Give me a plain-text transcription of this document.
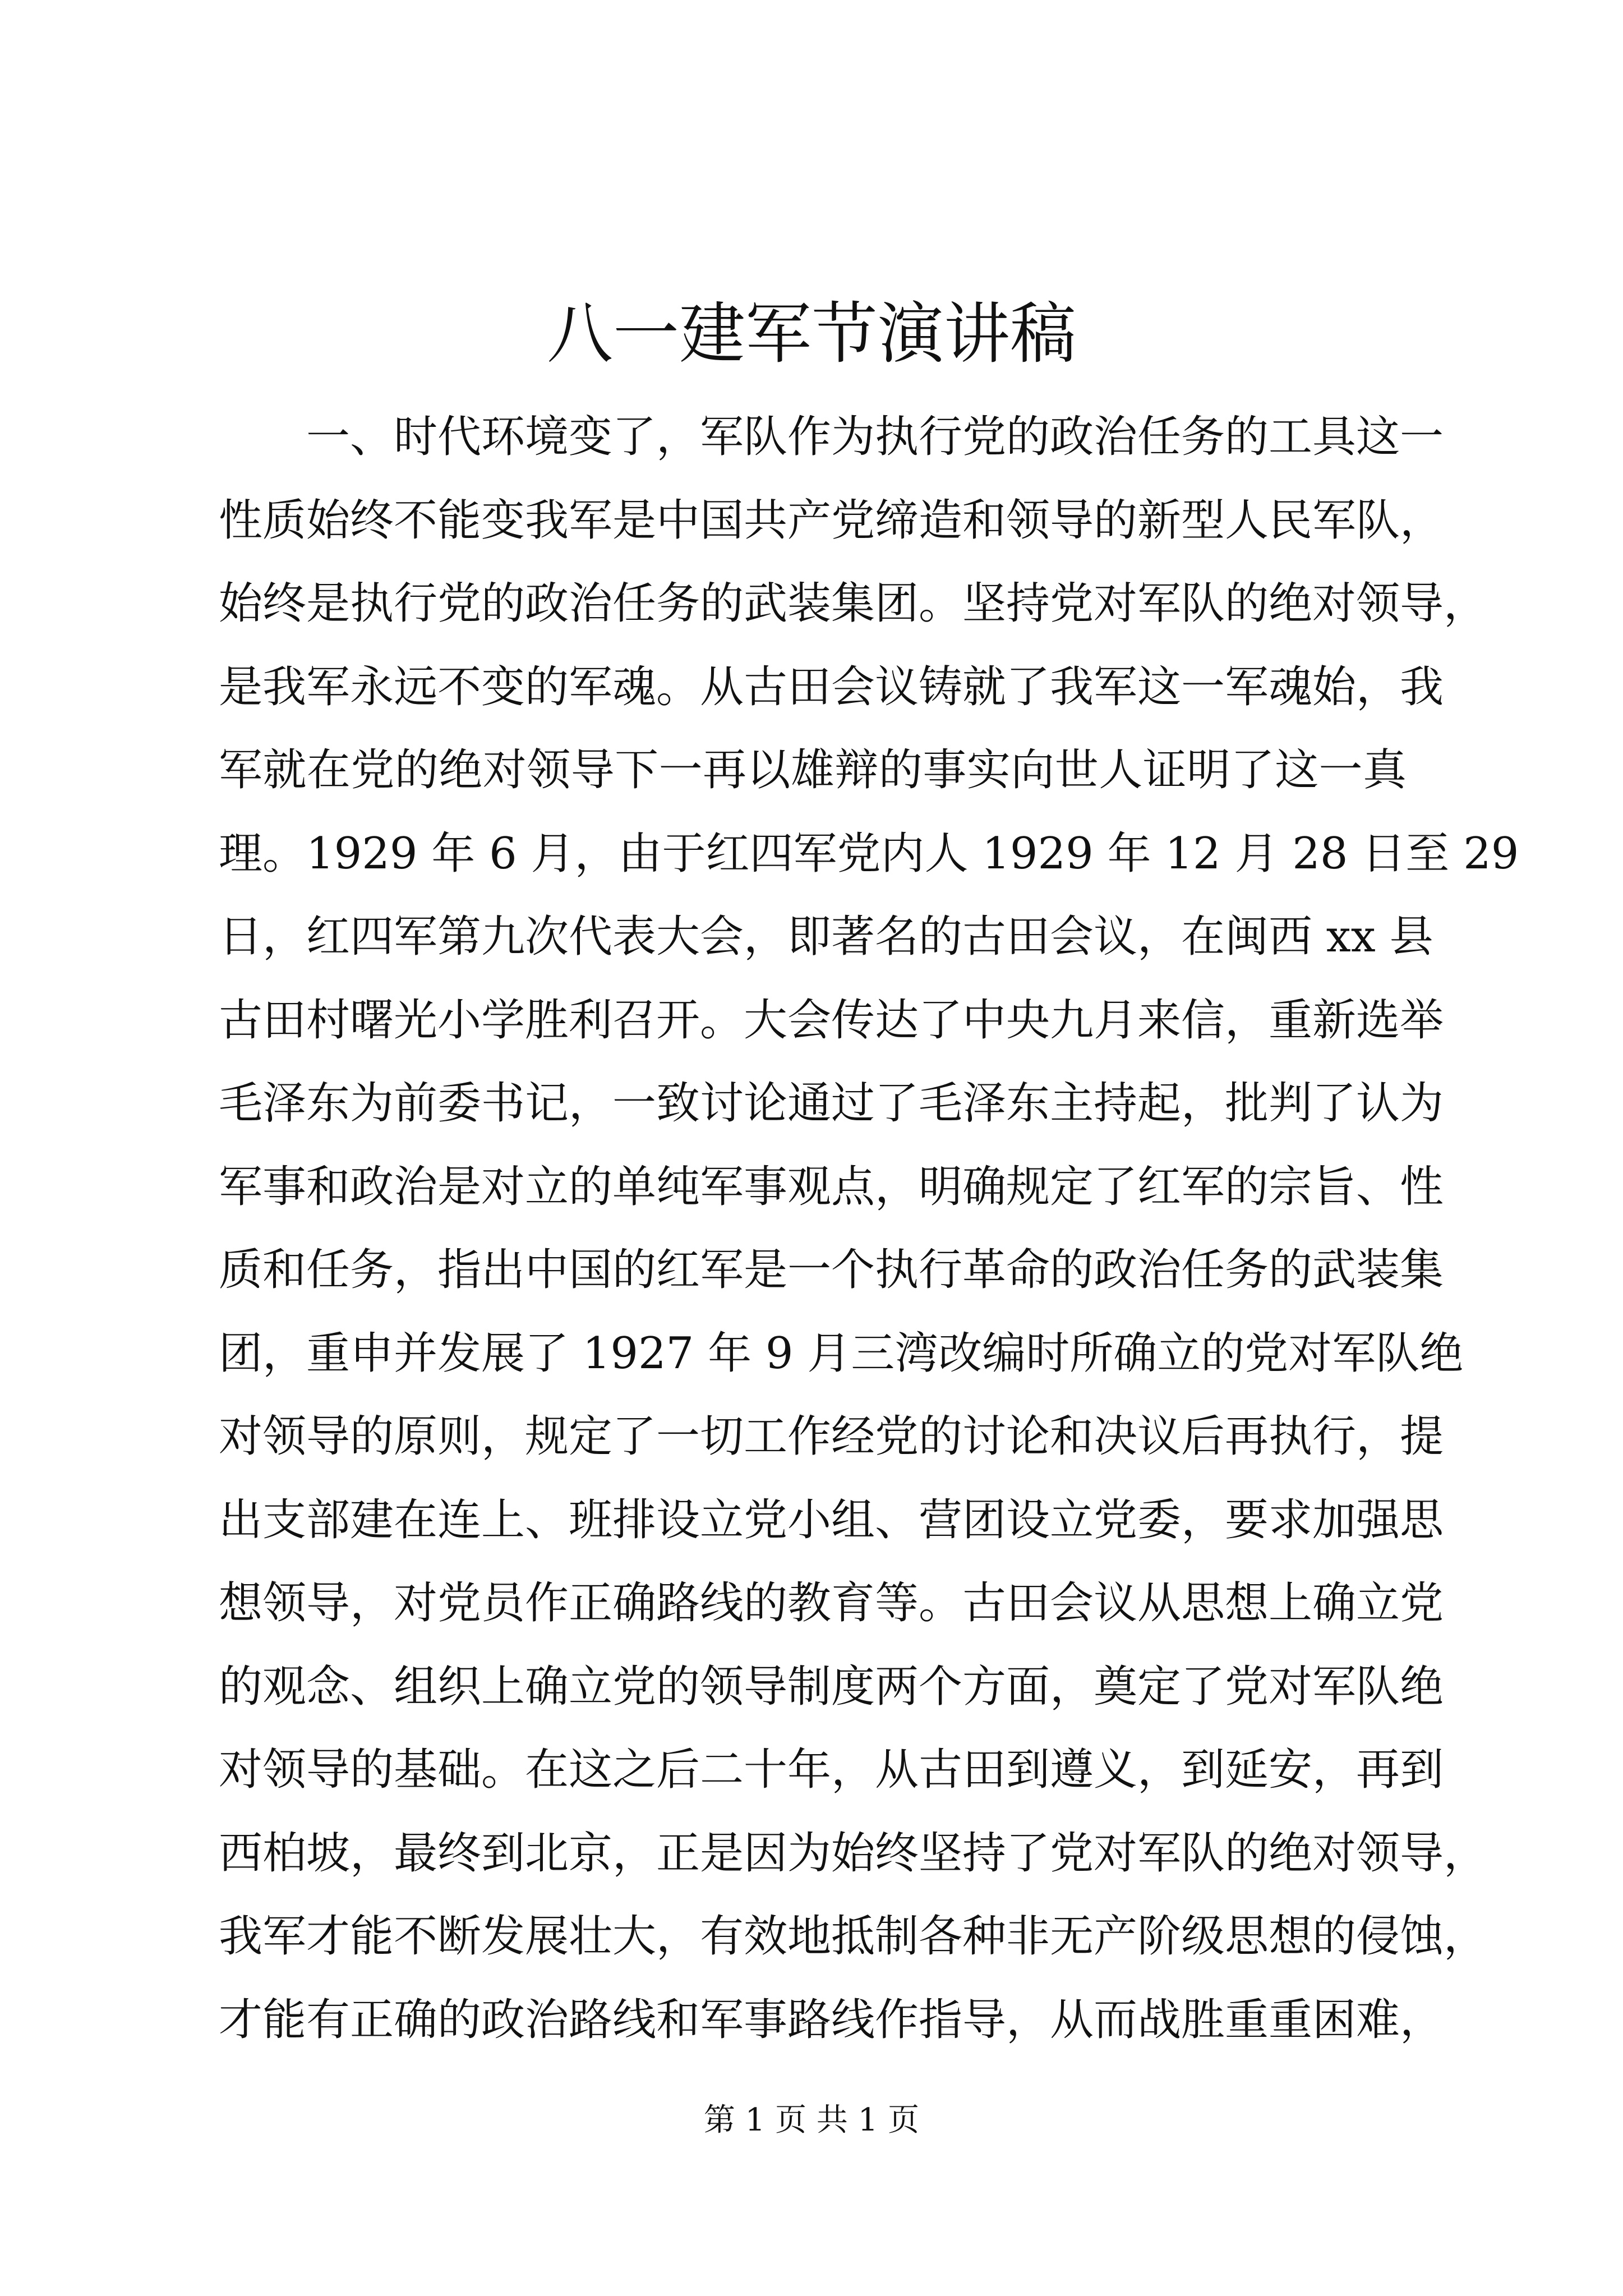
八一建军节演讲稿
一、时代环境变了，军队作为执行党的政治任务的工具这一
性质始终不能变我军是中国共产党缔造和领导的新型人民军队，
始终是执行党的政治任务的武装集团。坚持党对军队的绝对领导，
是我军永远不变的军魂。从古田会议铸就了我军这一军魂始，我
军就在党的绝对领导下一再以雄辩的事实向世人证明了这一真
理。1929 年 6 月，由于红四军党内人 1929 年 12 月 28 日至 29
日，红四军第九次代表大会，即著名的古田会议，在闽西 xx 县
古田村曙光小学胜利召开。大会传达了中央九月来信，重新选举
毛泽东为前委书记，一致讨论通过了毛泽东主持起，批判了认为
军事和政治是对立的单纯军事观点，明确规定了红军的宗旨、性
质和任务，指出中国的红军是一个执行革命的政治任务的武装集
团，重申并发展了 1927 年 9 月三湾改编时所确立的党对军队绝
对领导的原则，规定了一切工作经党的讨论和决议后再执行，提
出支部建在连上、班排设立党小组、营团设立党委，要求加强思
想领导，对党员作正确路线的教育等。古田会议从思想上确立党
的观念、组织上确立党的领导制度两个方面，奠定了党对军队绝
对领导的基础。在这之后二十年，从古田到遵义，到延安，再到
西柏坡，最终到北京，正是因为始终坚持了党对军队的绝对领导，
我军才能不断发展壮大，有效地抵制各种非无产阶级思想的侵蚀，
才能有正确的政治路线和军事路线作指导，从而战胜重重困难，
第 1 页 共 1 页
